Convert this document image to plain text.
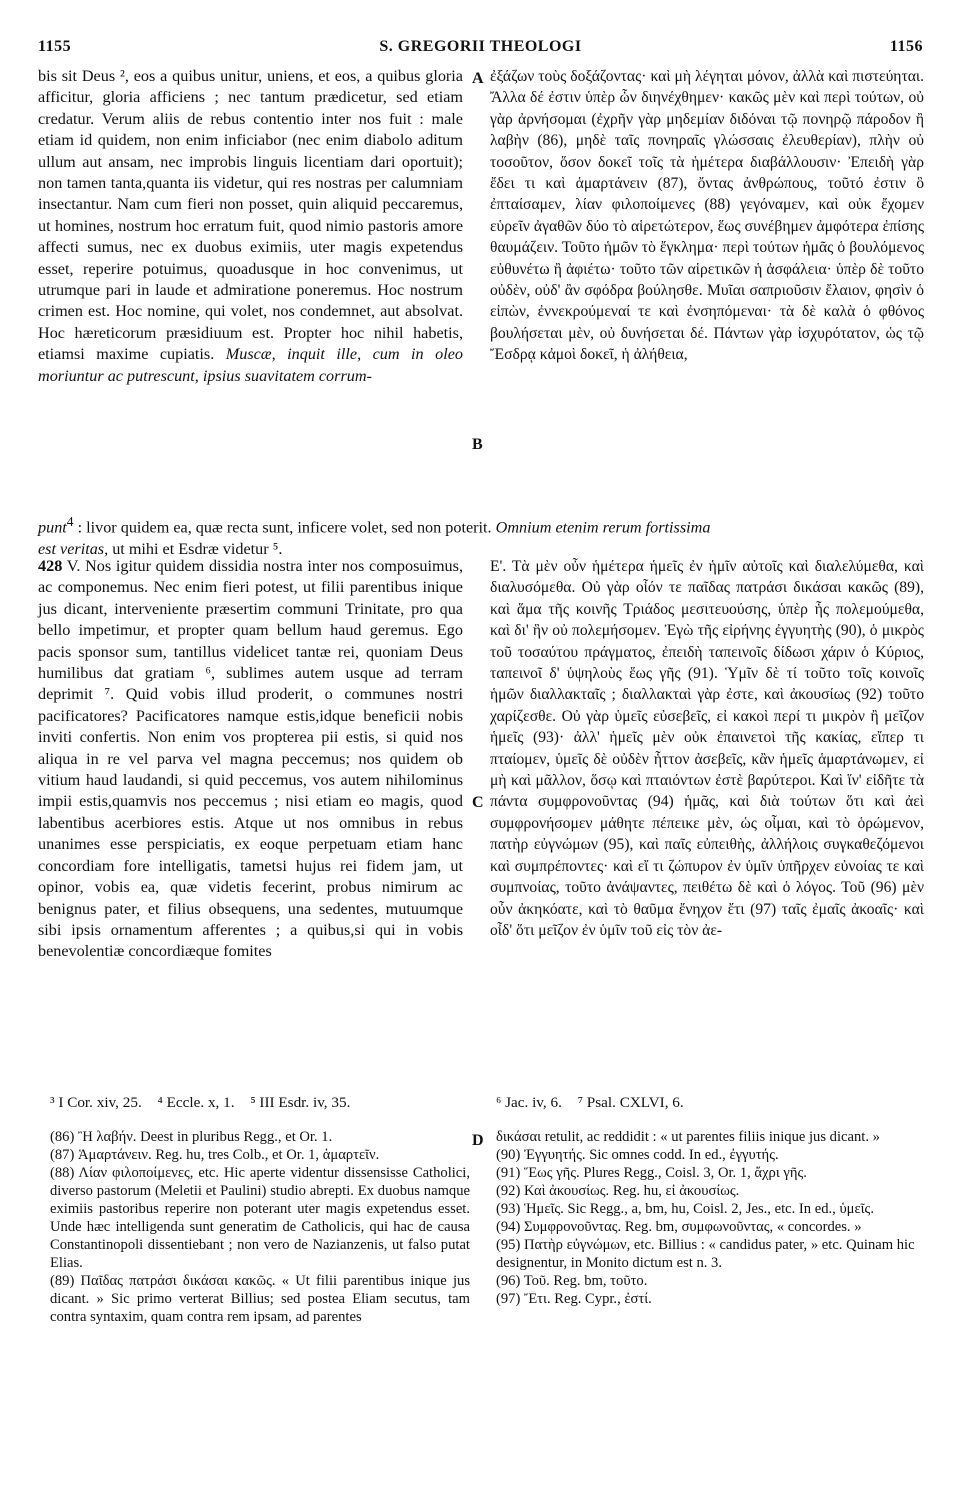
1155	S. GREGORII THEOLOGI	1156

bis sit Deus ², eos a quibus unitur, uniens, et eos, a quibus gloria afficitur, gloria afficiens ; nec tantum prædicetur, sed etiam credatur. Verum aliis de rebus contentio inter nos fuit : male etiam id quidem, non enim inficiabor (nec enim diabolo aditum ullum aut ansam, nec improbis linguis licentiam dari oportuit); non tamen tanta,quanta iis videtur, qui res nostras per calumniam insectantur. Nam cum fieri non posset, quin aliquid peccaremus, ut homines, nostrum hoc erratum fuit, quod nimio pastoris amore affecti sumus, nec ex duobus eximiis, uter magis expetendus esset, reperire potuimus, quoadusque in hoc convenimus, ut utrumque pari in laude et admiratione poneremus. Hoc nostrum crimen est. Hoc nomine, qui volet, nos condemnet, aut absolvat. Hoc hæreticorum præsidiuum est. Propter hoc nihil habetis, etiamsi maxime cupiatis. Muscæ, inquit ille, cum in oleo moriuntur ac putrescunt, ipsius suavitatem corrum-

ἐξάζων τοὺς δοξάζοντας· καὶ μὴ λέγηται μόνον, ἀλλὰ καὶ πιστεύηται. Ἄλλα δέ ἐστιν ὑπὲρ ὧν διηνέχθημεν· κακῶς μὲν καὶ περὶ τούτων, οὐ γὰρ ἀρνήσομαι (ἐχρῆν γὰρ μηδεμίαν διδόναι τῷ πονηρῷ πάροδον ἢ λαβὴν (86), μηδὲ ταῖς πονηραῖς γλώσσαις ἐλευθερίαν), πλὴν οὐ τοσοῦτον, ὅσον δοκεῖ τοῖς τὰ ἡμέτερα διαβάλλουσιν· Ἐπειδὴ γὰρ ἔδει τι καὶ ἁμαρτάνειν (87), ὄντας ἀνθρώπους, τοῦτό ἐστιν ὃ ἐπταίσαμεν, λίαν φιλοποίμενες (88) γεγόναμεν, καὶ οὐκ ἔχομεν εὑρεῖν ἀγαθῶν δύο τὸ αἱρετώτερον, ἕως συνέβημεν ἀμφότερα ἐπίσης θαυμάζειν. Τοῦτο ἡμῶν τὸ ἔγκλημα· περὶ τούτων ἡμᾶς ὁ βουλόμενος εὐθυνέτω ἢ ἀφιέτω· τοῦτο τῶν αἱρετικῶν ἡ ἀσφάλεια· ὑπὲρ δὲ τοῦτο οὐδὲν, οὐδ' ἂν σφόδρα βούλησθε. Μυῖαι σαπριοῦσιν ἔλαιον, φησὶν ὁ εἰπὼν, ἐννεκρούμεναί τε καὶ ἐνσηπόμεναι· τὰ δὲ καλὰ ὁ φθόνος βουλήσεται μὲν, οὐ δυνήσεται δέ. Πάντων γὰρ ἰσχυρότατον, ὡς τῷ Ἔσδρᾳ κἀμοὶ δοκεῖ, ἡ ἀλήθεια,

A
B
C
D

punt$^4$ : livor quidem ea, quæ recta sunt, inficere volet, sed non poterit. Omnium etenim rerum fortissima
est veritas, ut mihi et Esdræ videtur ⁵.

428 V. Nos igitur quidem dissidia nostra inter nos composuimus, ac componemus. Nec enim fieri potest, ut filii parentibus inique jus dicant, interveniente præsertim communi Trinitate, pro qua bello impetimur, et propter quam bellum haud geremus. Ego pacis sponsor sum, tantillus videlicet tantæ rei, quoniam Deus humilibus dat gratiam ⁶, sublimes autem usque ad terram deprimit ⁷. Quid vobis illud proderit, o communes nostri pacificatores? Pacificatores namque estis,idque beneficii nobis inviti confertis. Non enim vos propterea pii estis, si quid nos aliqua in re vel parva vel magna peccemus; nos quidem ob vitium haud laudandi, si quid peccemus, vos autem nihilominus impii estis,quamvis nos peccemus ; nisi etiam eo magis, quod labentibus acerbiores estis. Atque ut nos omnibus in rebus unanimes esse perspiciatis, ex eoque perpetuam etiam hanc concordiam fore intelligatis, tametsi hujus rei fidem jam, ut opinor, vobis ea, quæ videtis fecerint, probus nimirum ac benignus pater, et filius obsequens, una sedentes, mutuumque sibi ipsis ornamentum afferentes ; a quibus,si qui in vobis benevolentiæ concordiæque fomites

Ε'. Τὰ μὲν οὖν ἡμέτερα ἡμεῖς ἐν ἡμῖν αὐτοῖς καὶ διαλελύμεθα, καὶ διαλυσόμεθα. Οὐ γὰρ οἷόν τε παῖδας πατράσι δικάσαι κακῶς (89), καὶ ἅμα τῆς κοινῆς Τριάδος μεσιτευούσης, ὑπὲρ ἧς πολεμούμεθα, καὶ δι' ἣν οὐ πολεμήσομεν. Ἐγὼ τῆς εἰρήνης ἐγγυητὴς (90), ὁ μικρὸς τοῦ τοσαύτου πράγματος, ἐπειδὴ ταπεινοῖς δίδωσι χάριν ὁ Κύριος, ταπεινοῖ δ' ὑψηλοὺς ἕως γῆς (91). Ὑμῖν δὲ τί τοῦτο τοῖς κοινοῖς ἡμῶν διαλλακταῖς ; διαλλακταὶ γὰρ ἐστε, καὶ ἀκουσίως (92) τοῦτο χαρίζεσθε. Οὐ γὰρ ὑμεῖς εὐσεβεῖς, εἰ κακοὶ περί τι μικρὸν ἢ μεῖζον ἡμεῖς (93)· ἀλλ' ἡμεῖς μὲν οὐκ ἐπαινετοὶ τῆς κακίας, εἴπερ τι πταίομεν, ὑμεῖς δὲ οὐδὲν ἧττον ἀσεβεῖς, κἂν ἡμεῖς ἁμαρτάνωμεν, εἰ μὴ καὶ μᾶλλον, ὅσῳ καὶ πταιόντων ἐστὲ βαρύτεροι. Καὶ ἵν' εἰδῆτε τὰ πάντα συμφρονοῦντας (94) ἡμᾶς, καὶ διὰ τούτων ὅτι καὶ ἀεὶ συμφρονήσομεν μάθητε πέπεικε μὲν, ὡς οἶμαι, καὶ τὸ ὁρώμενον, πατὴρ εὐγνώμων (95), καὶ παῖς εὐπειθὴς, ἀλλήλοις συγκαθεζόμενοι καὶ συμπρέποντες· καὶ εἴ τι ζώπυρον ἐν ὑμῖν ὑπῆρχεν εὐνοίας τε καὶ συμπνοίας, τοῦτο ἀνάψαντες, πειθέτω δὲ καὶ ὁ λόγος. Τοῦ (96) μὲν οὖν ἀκηκόατε, καὶ τὸ θαῦμα ἔνηχον ἔτι (97) ταῖς ἐμαῖς ἀκοαῖς· καὶ οἶδ' ὅτι μεῖζον ἐν ὑμῖν τοῦ εἰς τὸν ἀε-

³ I Cor. xiv, 25. ⁴ Eccle. x, 1. ⁵ III Esdr. iv, 35.	⁶ Jac. iv, 6. ⁷ Psal. CXLVI, 6.

(86) Ἢ λαβήν. Deest in pluribus Regg., et Or. 1.

(87) Ἁμαρτάνειν. Reg. hu, tres Colb., et Or. 1, ἁμαρτεῖν.

(88) Λίαν φιλοποίμενες, etc. Hic aperte videntur dissensisse Catholici, diverso pastorum (Meletii et Paulini) studio abrepti. Ex duobus namque eximiis pastoribus reperire non poterant uter magis expetendus esset. Unde hæc intelligenda sunt generatim de Catholicis, qui hac de causa Constantinopoli dissentiebant ; non vero de Nazianzenis, ut falso putat Elias.

(89) Παῖδας πατράσι δικάσαι κακῶς. « Ut filii parentibus inique jus dicant. » Sic primo verterat Billius; sed postea Eliam secutus, tam contra syntaxim, quam contra rem ipsam, ad parentes

δικάσαι retulit, ac reddidit : « ut parentes filiis inique jus dicant. »

(90) Ἐγγυητής. Sic omnes codd. In ed., ἐγγυτής.

(91) Ἕως γῆς. Plures Regg., Coisl. 3, Or. 1, ἄχρι γῆς.

(92) Καὶ ἀκουσίως. Reg. hu, εἰ ἀκουσίως.

(93) Ἡμεῖς. Sic Regg., a, bm, hu, Coisl. 2, Jes., etc. In ed., ὑμεῖς.

(94) Συμφρονοῦντας. Reg. bm, συμφωνοῦντας, « concordes. »

(95) Πατὴρ εὐγνώμων, etc. Billius : « candidus pater, » etc. Quinam hic designentur, in Monito dictum est n. 3.

(96) Τοῦ. Reg. bm, τοῦτο.

(97) Ἔτι. Reg. Cypr., ἐστί.
